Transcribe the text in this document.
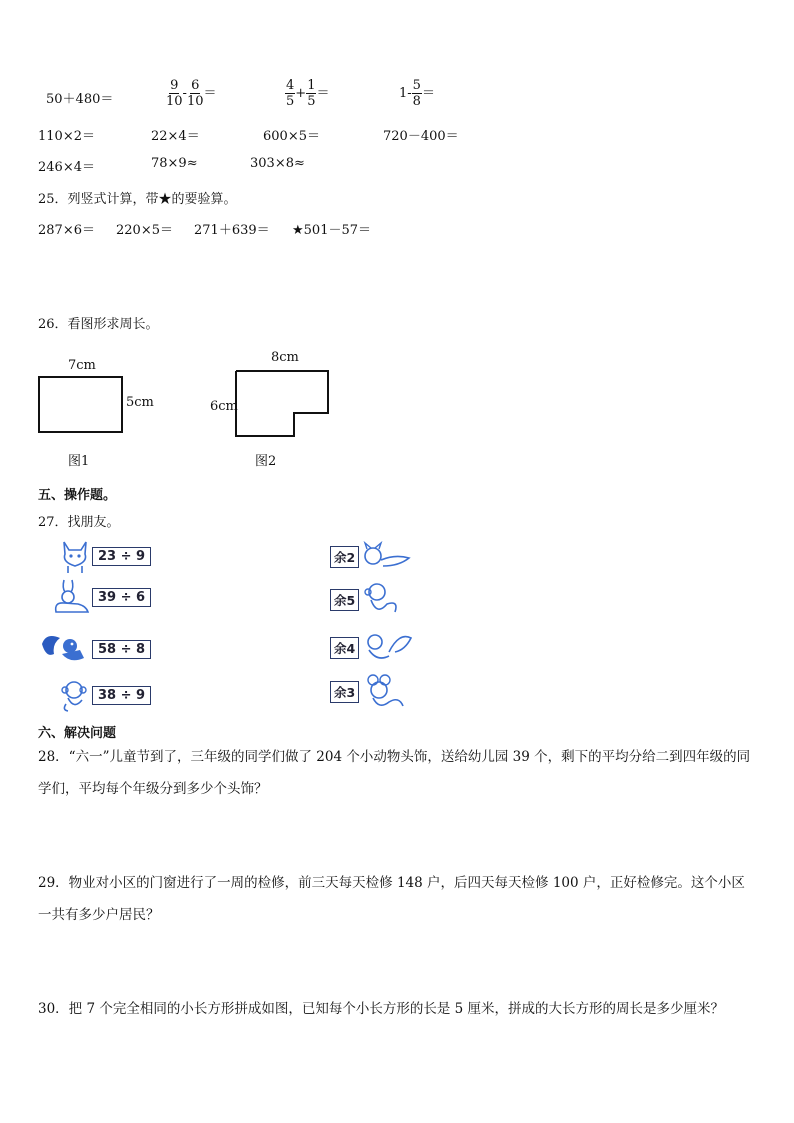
50＋480＝	$\frac{9}{10} - \frac{6}{10}$ ＝	$\frac{4}{5} + \frac{1}{5}$ ＝	$1- \frac{5}{8}$ ＝
110×2＝	22×4＝	600×5＝	720－400＝
246×4＝	78×9≈	303×8≈
25．列竖式计算，带★的要验算。
287×6＝ 220×5＝ 271＋639＝ ★501－57＝
26．看图形求周长。
7cm
5cm
图1
8cm
6cm
图2
五、操作题。
27．找朋友。
23 ÷ 9
39 ÷ 6
58 ÷ 8
38 ÷ 9
余2
余5
余4
余3
六、解决问题
28．“六一”儿童节到了，三年级的同学们做了 204 个小动物头饰，送给幼儿园 39 个，剩下的平均分给二到四年级的同学们，平均每个年级分到多少个头饰？
29．物业对小区的门窗进行了一周的检修，前三天每天检修 148 户，后四天每天检修 100 户，正好检修完。这个小区一共有多少户居民？
30．把 7 个完全相同的小长方形拼成如图，已知每个小长方形的长是 5 厘米，拼成的大长方形的周长是多少厘米？
